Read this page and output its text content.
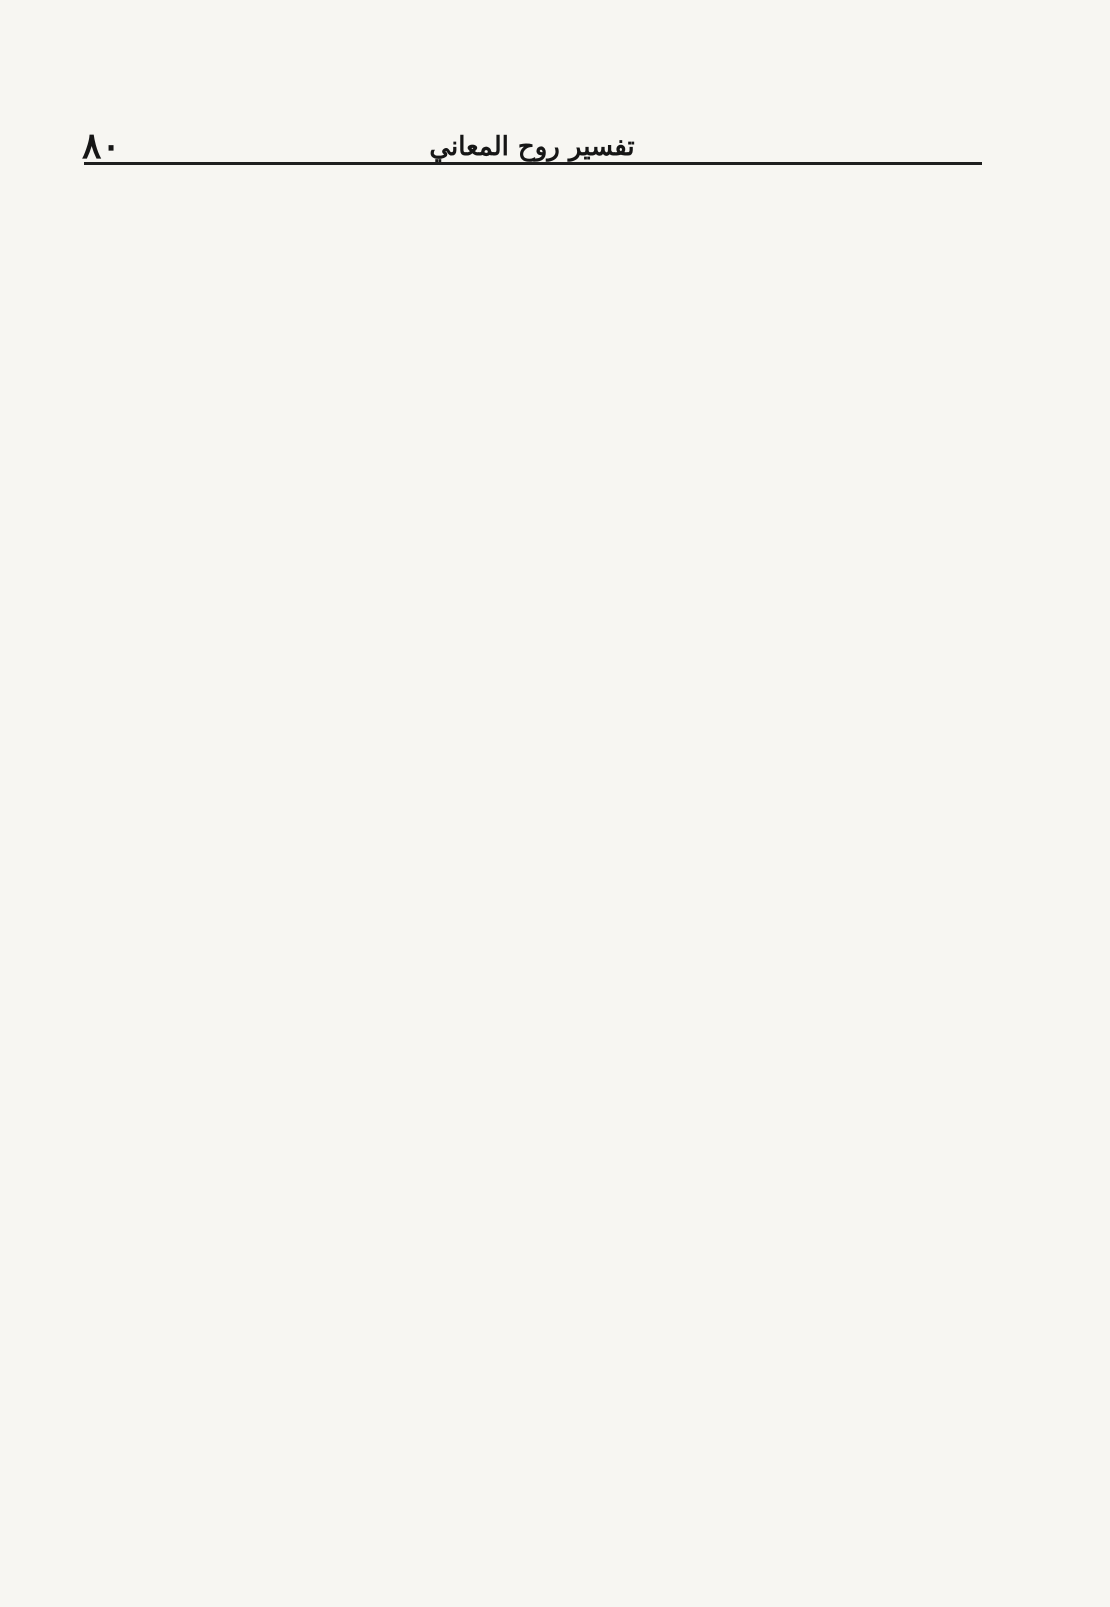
٨٠	تفسير روح المعاني
